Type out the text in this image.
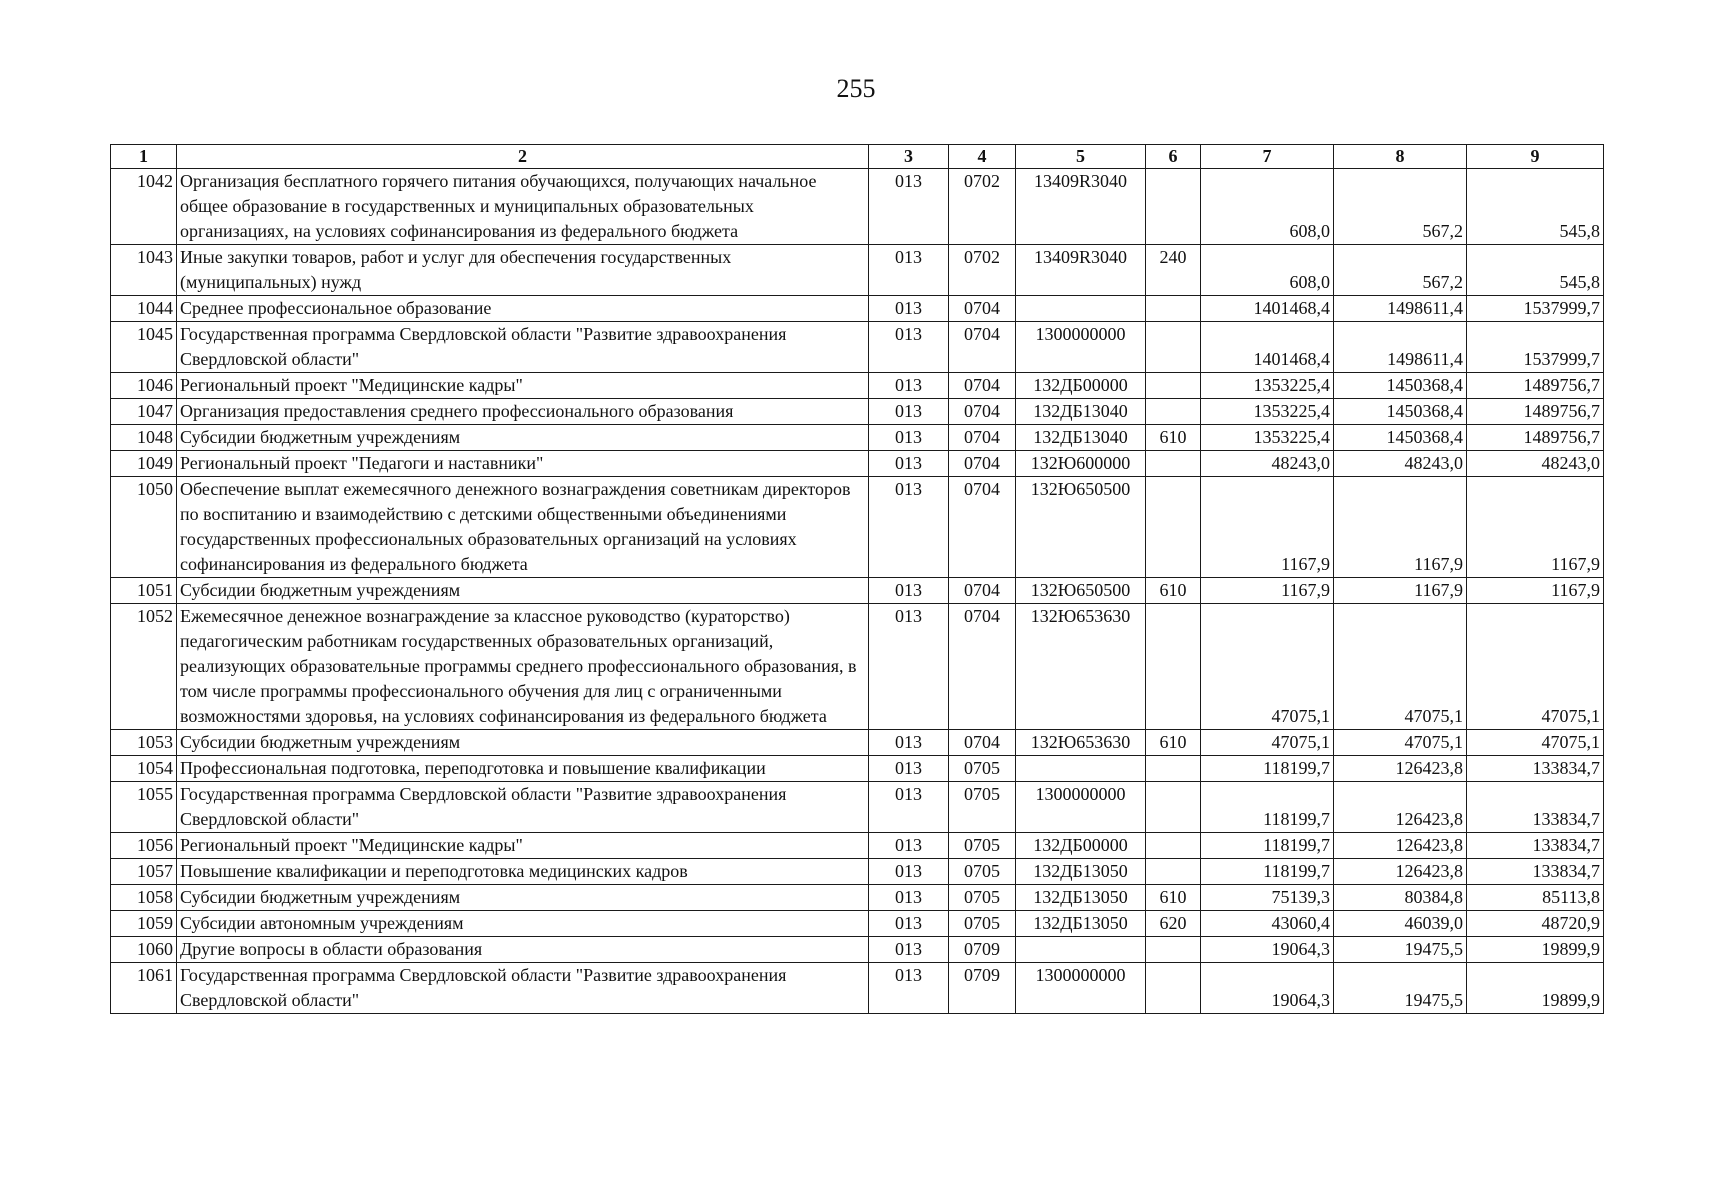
255
1	2	3	4	5	6	7	8	9
1042	Организация бесплатного горячего питания обучающихся, получающих начальное общее образование в государственных и муниципальных образовательных организациях, на условиях софинансирования из федерального бюджета	013	0702	13409R3040		608,0	567,2	545,8
1043	Иные закупки товаров, работ и услуг для обеспечения государственных (муниципальных) нужд	013	0702	13409R3040	240	608,0	567,2	545,8
1044	Среднее профессиональное образование	013	0704			1401468,4	1498611,4	1537999,7
1045	Государственная программа Свердловской области "Развитие здравоохранения Свердловской области"	013	0704	1300000000		1401468,4	1498611,4	1537999,7
1046	Региональный проект "Медицинские кадры"	013	0704	132ДБ00000		1353225,4	1450368,4	1489756,7
1047	Организация предоставления среднего профессионального образования	013	0704	132ДБ13040		1353225,4	1450368,4	1489756,7
1048	Субсидии бюджетным учреждениям	013	0704	132ДБ13040	610	1353225,4	1450368,4	1489756,7
1049	Региональный проект "Педагоги и наставники"	013	0704	132Ю600000		48243,0	48243,0	48243,0
1050	Обеспечение выплат ежемесячного денежного вознаграждения советникам директоров по воспитанию и взаимодействию с детскими общественными объединениями государственных профессиональных образовательных организаций на условиях софинансирования из федерального бюджета	013	0704	132Ю650500		1167,9	1167,9	1167,9
1051	Субсидии бюджетным учреждениям	013	0704	132Ю650500	610	1167,9	1167,9	1167,9
1052	Ежемесячное денежное вознаграждение за классное руководство (кураторство) педагогическим работникам государственных образовательных организаций, реализующих образовательные программы среднего профессионального образования, в том числе программы профессионального обучения для лиц с ограниченными возможностями здоровья, на условиях софинансирования из федерального бюджета	013	0704	132Ю653630		47075,1	47075,1	47075,1
1053	Субсидии бюджетным учреждениям	013	0704	132Ю653630	610	47075,1	47075,1	47075,1
1054	Профессиональная подготовка, переподготовка и повышение квалификации	013	0705			118199,7	126423,8	133834,7
1055	Государственная программа Свердловской области "Развитие здравоохранения Свердловской области"	013	0705	1300000000		118199,7	126423,8	133834,7
1056	Региональный проект "Медицинские кадры"	013	0705	132ДБ00000		118199,7	126423,8	133834,7
1057	Повышение квалификации и переподготовка медицинских кадров	013	0705	132ДБ13050		118199,7	126423,8	133834,7
1058	Субсидии бюджетным учреждениям	013	0705	132ДБ13050	610	75139,3	80384,8	85113,8
1059	Субсидии автономным учреждениям	013	0705	132ДБ13050	620	43060,4	46039,0	48720,9
1060	Другие вопросы в области образования	013	0709			19064,3	19475,5	19899,9
1061	Государственная программа Свердловской области "Развитие здравоохранения Свердловской области"	013	0709	1300000000		19064,3	19475,5	19899,9
